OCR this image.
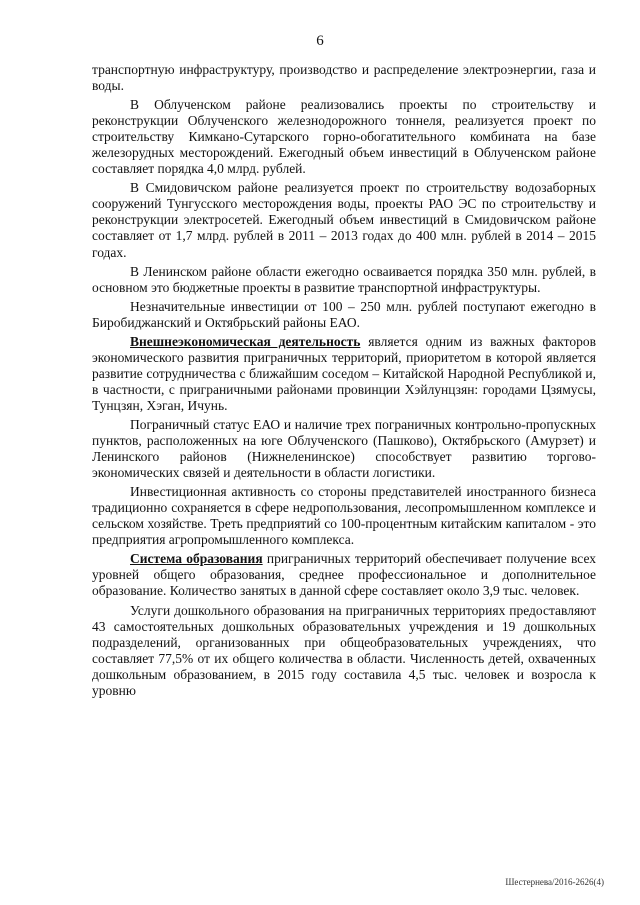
6

транспортную инфраструктуру, производство и распределение электроэнергии, газа и воды.

В Облученском районе реализовались проекты по строительству и реконструкции Облученского железнодорожного тоннеля, реализуется проект по строительству Кимкано-Сутарского горно-обогатительного комбината на базе железорудных месторождений. Ежегодный объем инвестиций в Облученском районе составляет порядка 4,0 млрд. рублей.

В Смидовичском районе реализуется проект по строительству водозаборных сооружений Тунгусского месторождения воды, проекты РАО ЭС по строительству и реконструкции электросетей. Ежегодный объем инвестиций в Смидовичском районе составляет от 1,7 млрд. рублей в 2011 – 2013 годах до 400 млн. рублей в 2014 – 2015 годах.

В Ленинском районе области ежегодно осваивается порядка 350 млн. рублей, в основном это бюджетные проекты в развитие транспортной инфраструктуры.

Незначительные инвестиции от 100 – 250 млн. рублей поступают ежегодно в Биробиджанский и Октябрьский районы ЕАО.

Внешнеэкономическая деятельность является одним из важных факторов экономического развития приграничных территорий, приоритетом в которой является развитие сотрудничества с ближайшим соседом – Китайской Народной Республикой и, в частности, с приграничными районами провинции Хэйлунцзян: городами Цзямусы, Тунцзян, Хэган, Ичунь.

Пограничный статус ЕАО и наличие трех пограничных контрольно-пропускных пунктов, расположенных на юге Облученского (Пашково), Октябрьского (Амурзет) и Ленинского районов (Нижнеленинское) способствует развитию торгово-экономических связей и деятельности в области логистики.

Инвестиционная активность со стороны представителей иностранного бизнеса традиционно сохраняется в сфере недропользования, лесопромышленном комплексе и сельском хозяйстве. Треть предприятий со 100-процентным китайским капиталом - это предприятия агропромышленного комплекса.

Система образования приграничных территорий обеспечивает получение всех уровней общего образования, среднее профессиональное и дополнительное образование. Количество занятых в данной сфере составляет около 3,9 тыс. человек.

Услуги дошкольного образования на приграничных территориях предоставляют 43 самостоятельных дошкольных образовательных учреждения и 19 дошкольных подразделений, организованных при общеобразовательных учреждениях, что составляет 77,5% от их общего количества в области. Численность детей, охваченных дошкольным образованием, в 2015 году составила 4,5 тыс. человек и возросла к уровню

Шестернева/2016-2626(4)
